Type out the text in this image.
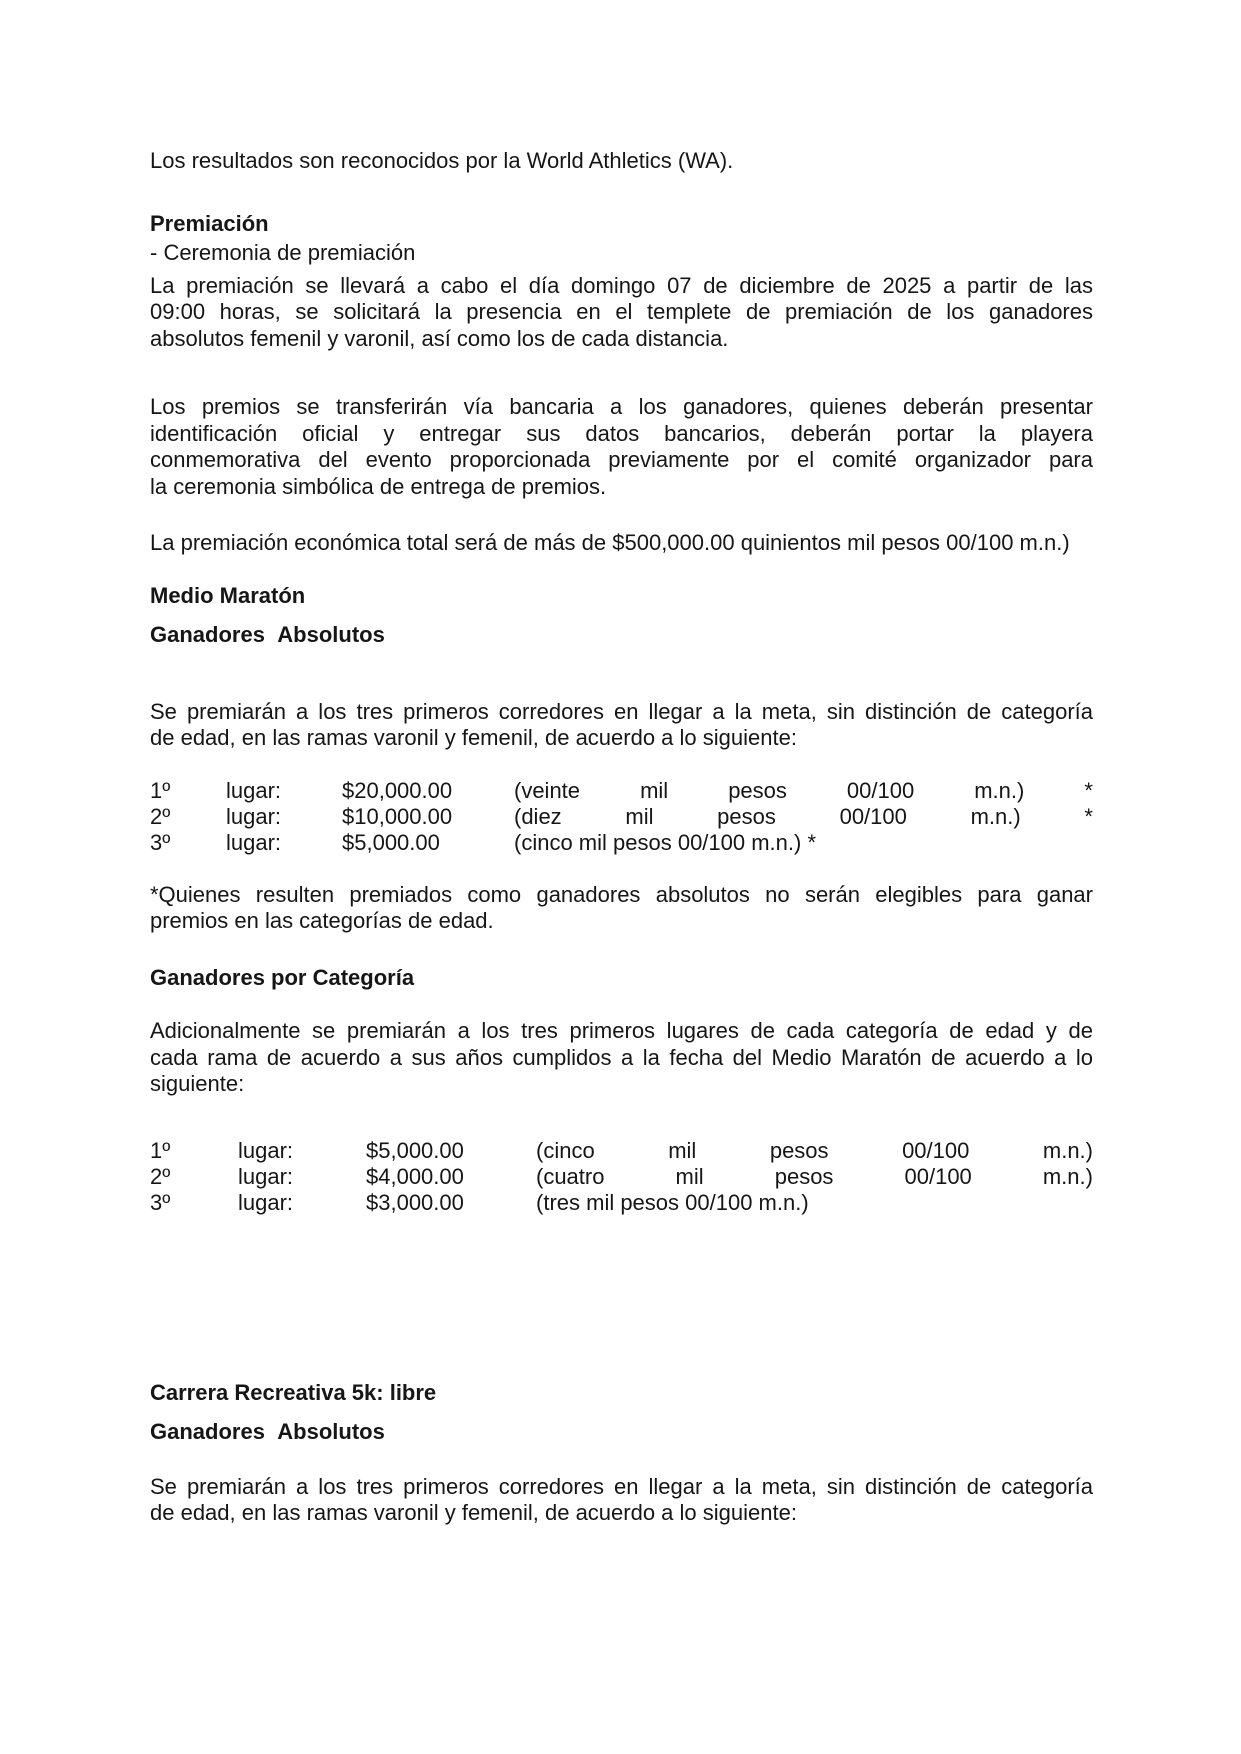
Los resultados son reconocidos por la World Athletics (WA).
Premiación
- Ceremonia de premiación
La premiación se llevará a cabo el día domingo 07 de diciembre de 2025 a partir de las
09:00 horas, se solicitará la presencia en el templete de premiación de los ganadores
absolutos femenil y varonil, así como los de cada distancia.
Los premios se transferirán vía bancaria a los ganadores, quienes deberán presentar
identificación oficial y entregar sus datos bancarios, deberán portar la playera
conmemorativa del evento proporcionada previamente por el comité organizador para
la ceremonia simbólica de entrega de premios.
La premiación económica total será de más de $500,000.00 quinientos mil pesos 00/100 m.n.)
Medio Maratón
Ganadores Absolutos
Se premiarán a los tres primeros corredores en llegar a la meta, sin distinción de categoría
de edad, en las ramas varonil y femenil, de acuerdo a lo siguiente:
1º	lugar:	$20,000.00	(veinte	mil	pesos	00/100	m.n.)	*
2º	lugar:	$10,000.00	(diez	mil	pesos	00/100	m.n.)	*
3º	lugar:	$5,000.00	(cinco mil pesos 00/100 m.n.) *
*Quienes resulten premiados como ganadores absolutos no serán elegibles para ganar
premios en las categorías de edad.
Ganadores por Categoría
Adicionalmente se premiarán a los tres primeros lugares de cada categoría de edad y de
cada rama de acuerdo a sus años cumplidos a la fecha del Medio Maratón de acuerdo a lo
siguiente:
1º	lugar:	$5,000.00	(cinco	mil	pesos	00/100	m.n.)
2º	lugar:	$4,000.00	(cuatro	mil	pesos	00/100	m.n.)
3º	lugar:	$3,000.00	(tres mil pesos 00/100 m.n.)
Carrera Recreativa 5k: libre
Ganadores Absolutos
Se premiarán a los tres primeros corredores en llegar a la meta, sin distinción de categoría
de edad, en las ramas varonil y femenil, de acuerdo a lo siguiente:
